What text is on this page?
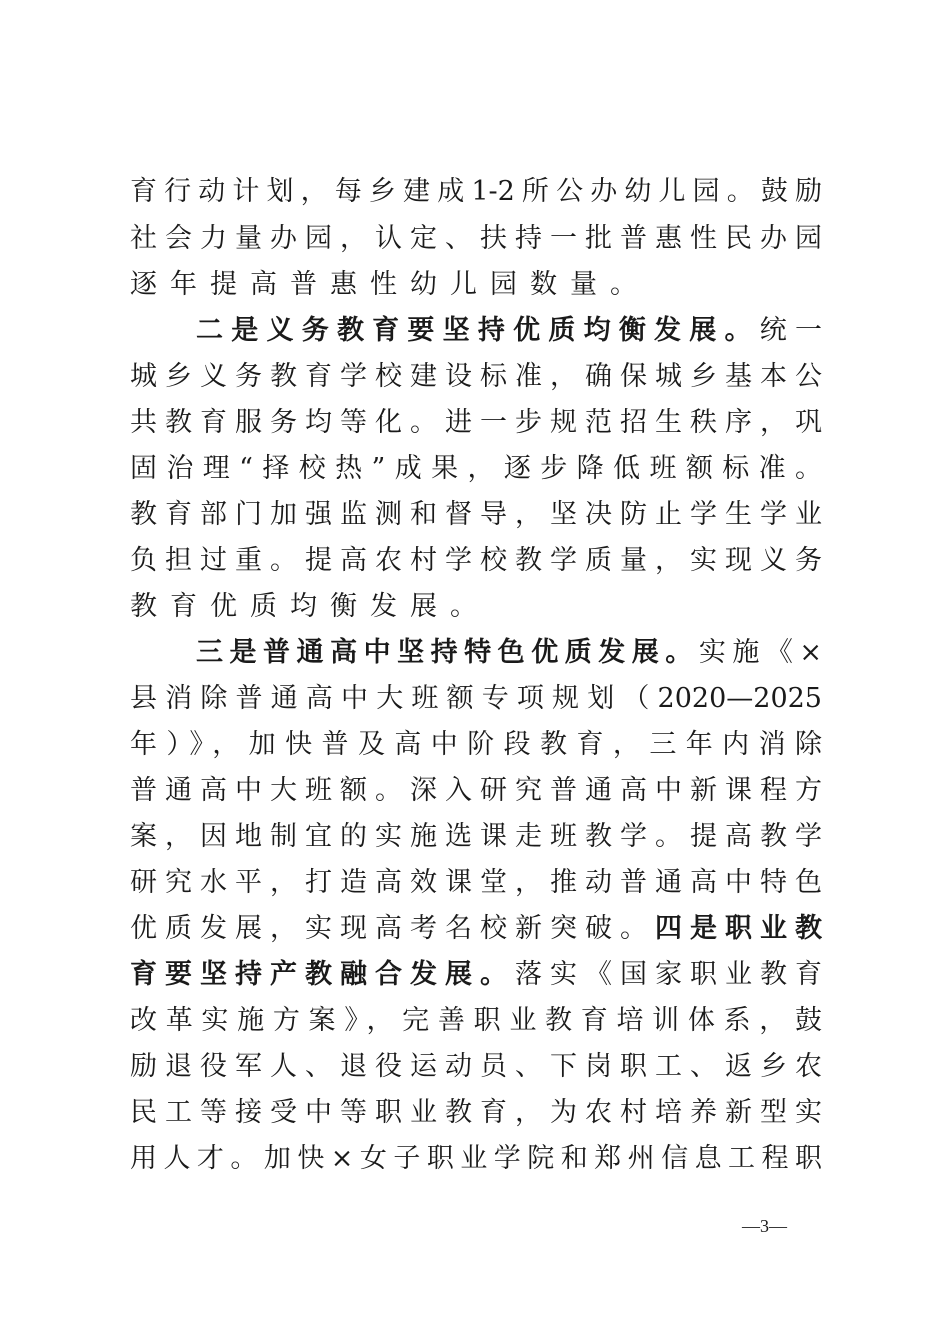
育行动计划，每乡建成1-2所公办幼儿园。鼓励
社会力量办园，认定、扶持一批普惠性民办园
逐年提高普惠性幼儿园数量。
二是义务教育要坚持优质均衡发展。统一
城乡义务教育学校建设标准，确保城乡基本公
共教育服务均等化。进一步规范招生秩序，巩
固治理“择校热”成果，逐步降低班额标准。
教育部门加强监测和督导，坚决防止学生学业
负担过重。提高农村学校教学质量，实现义务
教育优质均衡发展。
三是普通高中坚持特色优质发展。实施《×
县消除普通高中大班额专项规划（2020—2025
年）》，加快普及高中阶段教育，三年内消除
普通高中大班额。深入研究普通高中新课程方
案，因地制宜的实施选课走班教学。提高教学
研究水平，打造高效课堂，推动普通高中特色
优质发展，实现高考名校新突破。四是职业教
育要坚持产教融合发展。落实《国家职业教育
改革实施方案》，完善职业教育培训体系，鼓
励退役军人、退役运动员、下岗职工、返乡农
民工等接受中等职业教育，为农村培养新型实
用人才。加快×女子职业学院和郑州信息工程职
—3—
